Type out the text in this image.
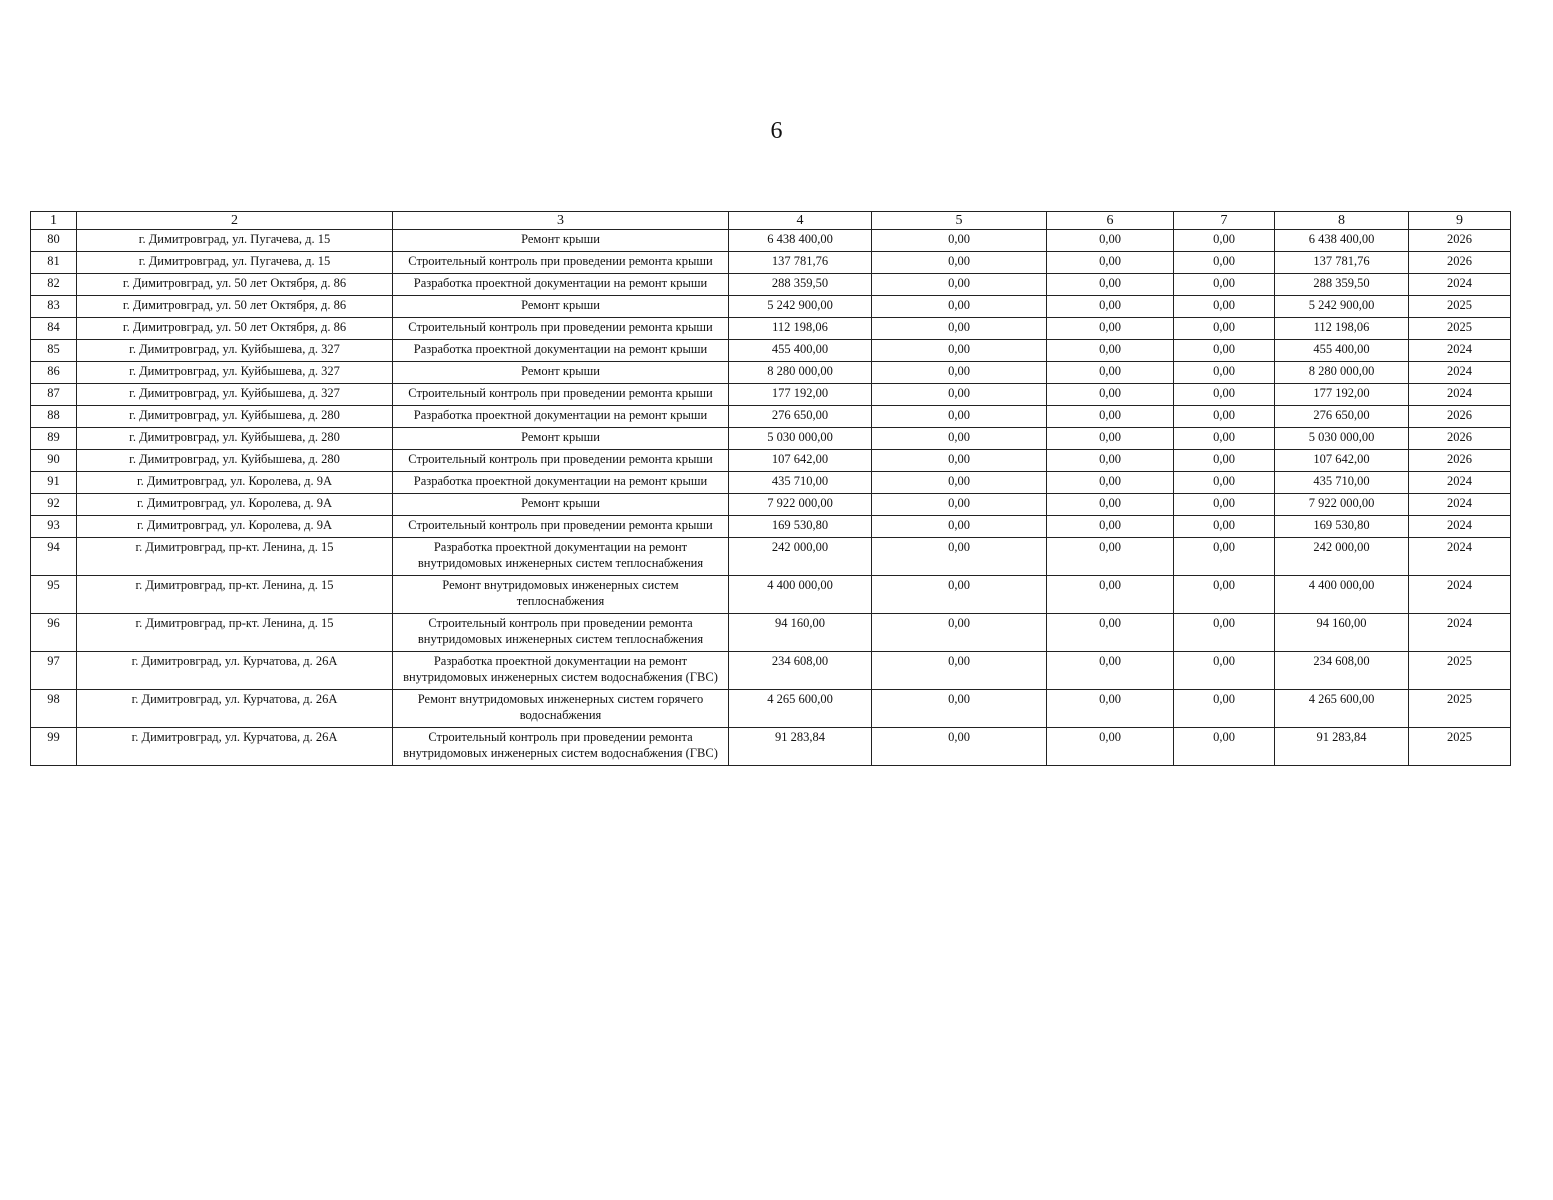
6
1	2	3	4	5	6	7	8	9
80	г. Димитровград, ул. Пугачева, д. 15	Ремонт крыши	6 438 400,00	0,00	0,00	0,00	6 438 400,00	2026
81	г. Димитровград, ул. Пугачева, д. 15	Строительный контроль при проведении ремонта крыши	137 781,76	0,00	0,00	0,00	137 781,76	2026
82	г. Димитровград, ул. 50 лет Октября, д. 86	Разработка проектной документации на ремонт крыши	288 359,50	0,00	0,00	0,00	288 359,50	2024
83	г. Димитровград, ул. 50 лет Октября, д. 86	Ремонт крыши	5 242 900,00	0,00	0,00	0,00	5 242 900,00	2025
84	г. Димитровград, ул. 50 лет Октября, д. 86	Строительный контроль при проведении ремонта крыши	112 198,06	0,00	0,00	0,00	112 198,06	2025
85	г. Димитровград, ул. Куйбышева, д. 327	Разработка проектной документации на ремонт крыши	455 400,00	0,00	0,00	0,00	455 400,00	2024
86	г. Димитровград, ул. Куйбышева, д. 327	Ремонт крыши	8 280 000,00	0,00	0,00	0,00	8 280 000,00	2024
87	г. Димитровград, ул. Куйбышева, д. 327	Строительный контроль при проведении ремонта крыши	177 192,00	0,00	0,00	0,00	177 192,00	2024
88	г. Димитровград, ул. Куйбышева, д. 280	Разработка проектной документации на ремонт крыши	276 650,00	0,00	0,00	0,00	276 650,00	2026
89	г. Димитровград, ул. Куйбышева, д. 280	Ремонт крыши	5 030 000,00	0,00	0,00	0,00	5 030 000,00	2026
90	г. Димитровград, ул. Куйбышева, д. 280	Строительный контроль при проведении ремонта крыши	107 642,00	0,00	0,00	0,00	107 642,00	2026
91	г. Димитровград, ул. Королева, д. 9А	Разработка проектной документации на ремонт крыши	435 710,00	0,00	0,00	0,00	435 710,00	2024
92	г. Димитровград, ул. Королева, д. 9А	Ремонт крыши	7 922 000,00	0,00	0,00	0,00	7 922 000,00	2024
93	г. Димитровград, ул. Королева, д. 9А	Строительный контроль при проведении ремонта крыши	169 530,80	0,00	0,00	0,00	169 530,80	2024
94	г. Димитровград, пр-кт. Ленина, д. 15	Разработка проектной документации на ремонт внутридомовых инженерных систем теплоснабжения	242 000,00	0,00	0,00	0,00	242 000,00	2024
95	г. Димитровград, пр-кт. Ленина, д. 15	Ремонт внутридомовых инженерных систем теплоснабжения	4 400 000,00	0,00	0,00	0,00	4 400 000,00	2024
96	г. Димитровград, пр-кт. Ленина, д. 15	Строительный контроль при проведении ремонта внутридомовых инженерных систем теплоснабжения	94 160,00	0,00	0,00	0,00	94 160,00	2024
97	г. Димитровград, ул. Курчатова, д. 26А	Разработка проектной документации на ремонт внутридомовых инженерных систем водоснабжения (ГВС)	234 608,00	0,00	0,00	0,00	234 608,00	2025
98	г. Димитровград, ул. Курчатова, д. 26А	Ремонт внутридомовых инженерных систем горячего водоснабжения	4 265 600,00	0,00	0,00	0,00	4 265 600,00	2025
99	г. Димитровград, ул. Курчатова, д. 26А	Строительный контроль при проведении ремонта внутридомовых инженерных систем водоснабжения (ГВС)	91 283,84	0,00	0,00	0,00	91 283,84	2025
